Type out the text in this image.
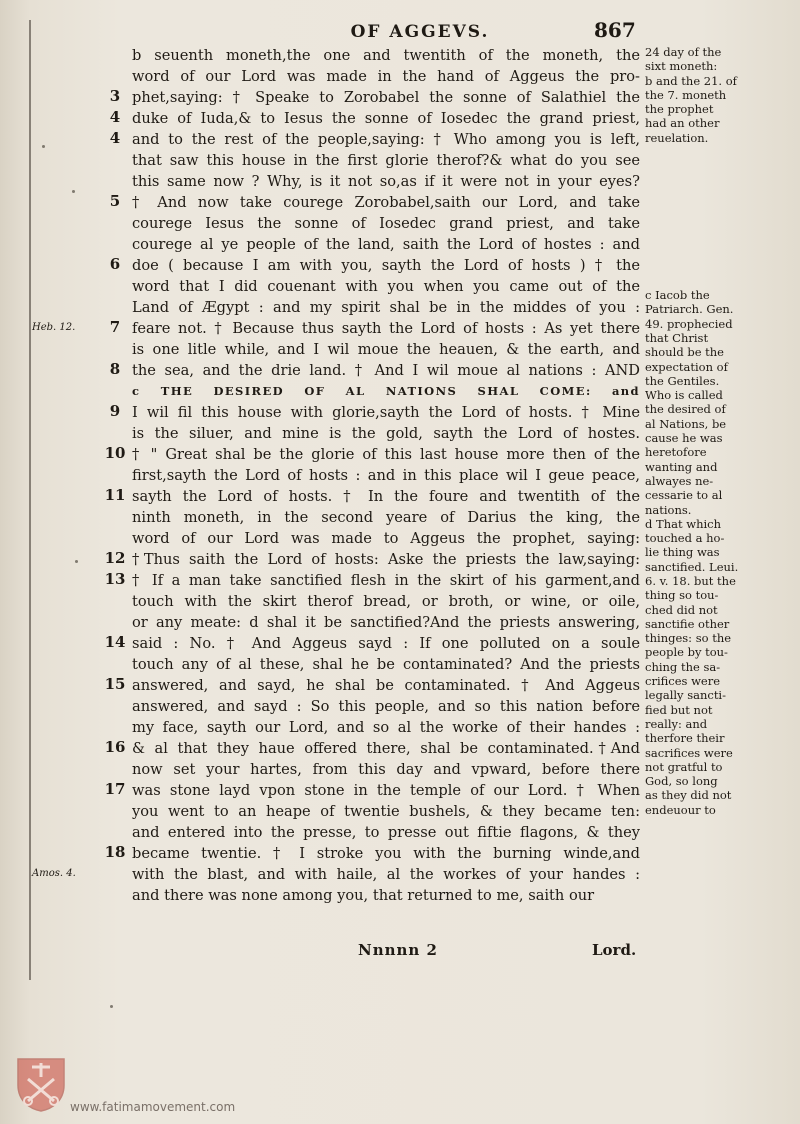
OF AGGEVS.	867
b seuenth moneth,the one and twentith of the moneth, the
word of our Lord was made in the hand of Aggeus the pro-
phet,saying: † Speake to Zorobabel the sonne of Salathiel the
duke of Iuda,& to Iesus the sonne of Iosedec the grand priest,
and to the rest of the people,saying: † Who among you is left,
that saw this house in the first glorie therof?& what do you see
this same now ? Why, is it not so,as if it were not in your eyes?
† And now take courege Zorobabel,saith our Lord, and take
courege Iesus the sonne of Iosedec grand priest, and take
courege al ye people of the land, saith the Lord of hostes : and
doe ( because I am with you, sayth the Lord of hosts ) † the
word that I did couenant with you when you came out of the
Land of Ægypt : and my spirit shal be in the middes of you :
feare not. † Because thus sayth the Lord of hosts : As yet there
is one litle while, and I wil moue the heauen, & the earth, and
the sea, and the drie land. † And I wil moue al nations : AND
c THE DESIRED OF AL NATIONS SHAL COME: and
I wil fil this house with glorie,sayth the Lord of hosts. † Mine
is the siluer, and mine is the gold, sayth the Lord of hostes.
† " Great shal be the glorie of this last house more then of the
first,sayth the Lord of hosts : and in this place wil I geue peace,
sayth the Lord of hosts. † In the foure and twentith of the
ninth moneth, in the second yeare of Darius the king, the
word of our Lord was made to Aggeus the prophet, saying:
†Thus saith the Lord of hosts: Aske the priests the law,saying:
† If a man take sanctified flesh in the skirt of his garment,and
touch with the skirt therof bread, or broth, or wine, or oile,
or any meate: d shal it be sanctified?And the priests answering,
said : No. † And Aggeus sayd : If one polluted on a soule
touch any of al these, shal he be contaminated? And the priests
answered, and sayd, he shal be contaminated. † And Aggeus
answered, and sayd : So this people, and so this nation before
my face, sayth our Lord, and so al the worke of their handes :
& al that they haue offered there, shal be contaminated.†And
now set your hartes, from this day and vpward, before there
was stone layd vpon stone in the temple of our Lord. † When
you went to an heape of twentie bushels, & they became ten:
and entered into the presse, to presse out fiftie flagons, & they
became twentie. † I stroke you with the burning winde,and
with the blast, and with haile, al the workes of your handes :
and there was none among you, that returned to me, saith our
3
4
4
5
6
7
8
9
10
11
12
13
14
15
16
17
18
Heb. 12.
Amos. 4.
24 day of the
sixt moneth:
b and the 21. of
the 7. moneth
the prophet
had an other
reuelation.
c Iacob the
Patriarch. Gen.
49. prophecied
that Christ
should be the
expectation of
the Gentiles.
Who is called
the desired of
al Nations, be
cause he was
heretofore
wanting and
alwayes ne-
cessarie to al
nations.
d That which
touched a ho-
lie thing was
sanctified. Leui.
6. v. 18. but the
thing so tou-
ched did not
sanctifie other
thinges: so the
people by tou-
ching the sa-
crifices were
legally sancti-
fied but not
really: and
therfore their
sacrifices were
not gratful to
God, so long
as they did not
endeuour to
Nnnnn 2	Lord.
www.fatimamovement.com
